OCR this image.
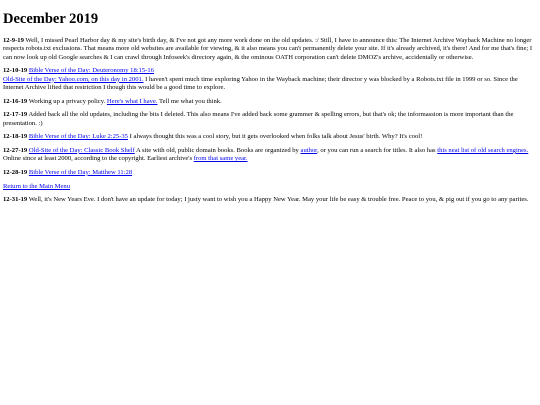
December 2019

12-9-19 Well, I missed Pearl Harbor day & my site's birth day, & I've not got any more work done on the old updates. :/ Still, I have to announce this: The Internet Archive Wayback Machine no longer respects robots.txt exclusions. That means more old websites are available for viewing, & it also means you can't permanently delete your site. If it's already archived, it's there! And for me that's fine; I can now look up old Google searches & I can crawl through Infoseek's directory again, & the ominous OATH corporation can't delete DMOZ's archive, accidentally or otherwise.

12-10-19 Bible Verse of the Day: Deuteronomy 18:15-16
Old-Site of the Day: Yahoo.com, on this day in 2001. I haven't spent much time exploring Yahoo in the Wayback machine; their director y was blocked by a Robots.txt file in 1999 or so. Since the Internet Archive lifted that restriction I though this would be a good time to explore.

12-16-19 Working up a privacy policy. Here's what I have. Tell me what you think.

12-17-19 Added back all the old updates, including the bits I deleted. This also means I've added back some grammer & spelling errors, but that's ok; the informassion is more important than the presentation. :)

12-18-19 Bible Verse of the Day: Luke 2:25-35 I always thought this was a cool story, but it gets overlooked when folks talk about Jesus' birth. Why? It's cool!

12-27-19 Old-Site of the Day: Classic Book Shelf A site with old, public domain books. Books are organized by author, or you can run a search for titles. It also has this neat list of old search engines. Online since at least 2000, according to the copyright. Earliest archive's from that same year.

12-28-19 Bible Verse of the Day: Matthew 11:28

Return to the Main Menu

12-31-19 Well, it's New Years Eve. I don't have an update for today; I justy want to wish you a Happy New Year. May your life be easy & trouble free. Peace to you, & pig out if you go to any parites.
